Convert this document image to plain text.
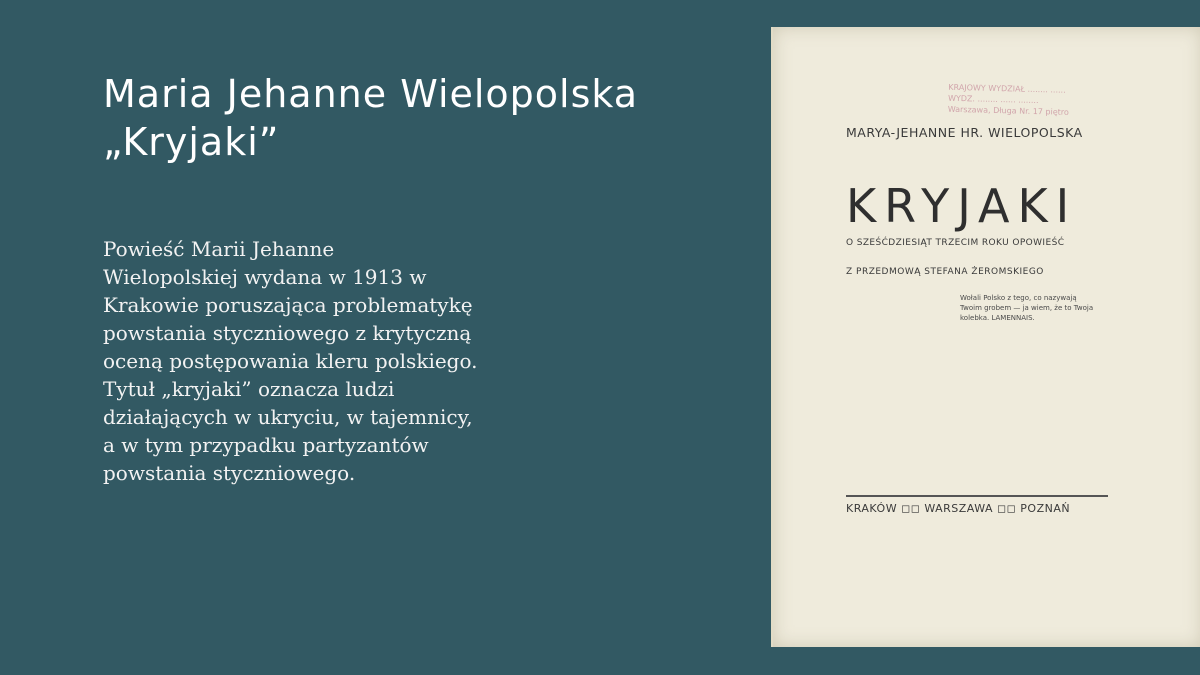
Maria Jehanne Wielopolska
„Kryjaki”
Powieść Marii Jehanne
Wielopolskiej wydana w 1913 w
Krakowie poruszająca problematykę
powstania styczniowego z krytyczną
oceną postępowania kleru polskiego.
Tytuł „kryjaki” oznacza ludzi
działających w ukryciu, w tajemnicy,
a w tym przypadku partyzantów
powstania styczniowego.
KRAJOWY WYDZIAŁ ........ ......
WYDZ. ........ ...... ........
Warszawa, Długa Nr. 17 piętro
MARYA-JEHANNE HR. WIELOPOLSKA
KRYJAKI
O SZEŚĆDZIESIĄT TRZECIM ROKU OPOWIEŚĆ
Z PRZEDMOWĄ STEFANA ŻEROMSKIEGO
Wołali Polsko z tego, co nazywają
Twoim grobem — ja wiem, że to Twoja
kolebka. LAMENNAIS.
KRAKÓW ◻◻ WARSZAWA ◻◻ POZNAŃ
